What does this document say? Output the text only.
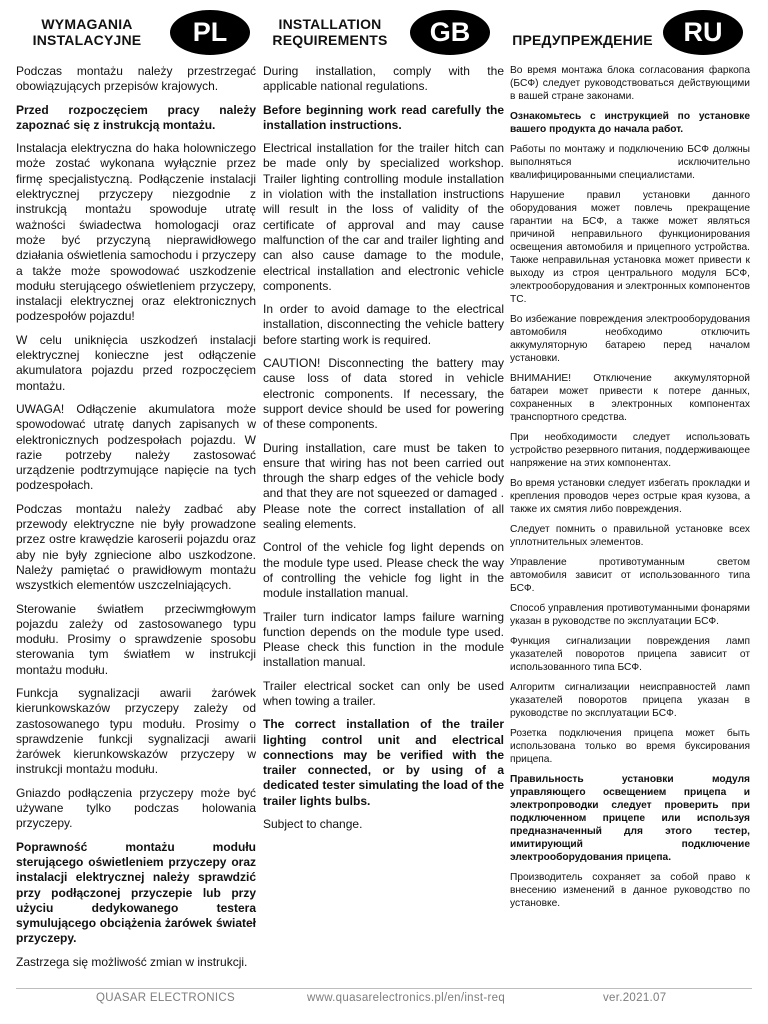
WYMAGANIA INSTALACYJNE	PL

Podczas montażu należy przestrzegać obowiązujących przepisów krajowych.

Przed rozpoczęciem pracy należy zapoznać się z instrukcją montażu.

Instalacja elektryczna do haka holowniczego może zostać wykonana wyłącznie przez firmę specjalistyczną. Podłączenie instalacji elektrycznej przyczepy niezgodnie z instrukcją montażu spowoduje utratę ważności świadectwa homologacji oraz może być przyczyną nieprawidłowego działania oświetlenia samochodu i przyczepy a także może spowodować uszkodzenie modułu sterującego oświetleniem przyczepy, instalacji elektrycznej oraz elektronicznych podzespołów pojazdu!

W celu uniknięcia uszkodzeń instalacji elektrycznej konieczne jest odłączenie akumulatora pojazdu przed rozpoczęciem montażu.

UWAGA! Odłączenie akumulatora może spowodować utratę danych zapisanych w elektronicznych podzespołach pojazdu. W razie potrzeby należy zastosować urządzenie podtrzymujące napięcie na tych podzespołach.

Podczas montażu należy zadbać aby przewody elektryczne nie były prowadzone przez ostre krawędzie karoserii pojazdu oraz aby nie były zgniecione albo uszkodzone. Należy pamiętać o prawidłowym montażu wszystkich elementów uszczelniających.

Sterowanie światłem przeciwmgłowym pojazdu zależy od zastosowanego typu modułu. Prosimy o sprawdzenie sposobu sterowania tym światłem w instrukcji montażu modułu.

Funkcja sygnalizacji awarii żarówek kierunkowskazów przyczepy zależy od zastosowanego typu modułu. Prosimy o sprawdzenie funkcji sygnalizacji awarii żarówek kierunkowskazów przyczepy w instrukcji montażu modułu.

Gniazdo podłączenia przyczepy może być używane tylko podczas holowania przyczepy.

Poprawność montażu modułu sterującego oświetleniem przyczepy oraz instalacji elektrycznej należy sprawdzić przy podłączonej przyczepie lub przy użyciu dedykowanego testera symulującego obciążenia żarówek świateł przyczepy.

Zastrzega się możliwość zmian w instrukcji.

INSTALLATION REQUIREMENTS	GB

During installation, comply with the applicable national regulations.

Before beginning work read carefully the installation instructions.

Electrical installation for the trailer hitch can be made only by specialized workshop. Trailer lighting controlling module installation in violation with the installation instructions will result in the loss of validity of the certificate of approval and may cause malfunction of the car and trailer lighting and can also cause damage to the module, electrical installation and electronic vehicle components.

In order to avoid damage to the electrical installation, disconnecting the vehicle battery before starting work is required.

CAUTION! Disconnecting the battery may cause loss of data stored in vehicle electronic components. If necessary, the support device should be used for powering of these components.

During installation, care must be taken to ensure that wiring has not been carried out through the sharp edges of the vehicle body and that they are not squeezed or damaged . Please note the correct installation of all sealing elements.

Control of the vehicle fog light depends on the module type used. Please check the way of controlling the vehicle fog light in the module installation manual.

Trailer turn indicator lamps failure warning function depends on the module type used. Please check this function in the module installation manual.

Trailer electrical socket can only be used when towing a trailer.

The correct installation of the trailer lighting control unit and electrical connections may be verified with the trailer connected, or by using of a dedicated tester simulating the load of the trailer lights bulbs.

Subject to change.

ПРЕДУПРЕЖДЕНИЕ	RU

Во время монтажа блока согласования фаркопа (БСФ) следует руководствоваться действующими в вашей стране законами.

Ознакомьтесь с инструкцией по установке вашего продукта до начала работ.

Работы по монтажу и подключению БСФ должны выполняться исключительно квалифицированными специалистами.

Нарушение правил установки данного оборудования может повлечь прекращение гарантии на БСФ, а также может являться причиной неправильного функционирования освещения автомобиля и прицепного устройства. Также неправильная установка может привести к выходу из строя центрального модуля БСФ, электрооборудования и электронных компонентов ТС.

Во избежание повреждения электрооборудования автомобиля необходимо отключить аккумуляторную батарею перед началом установки.

ВНИМАНИЕ! Отключение аккумуляторной батареи может привести к потере данных, сохраненных в электронных компонентах транспортного средства.

При необходимости следует использовать устройство резервного питания, поддерживающее напряжение на этих компонентах.

Во время установки следует избегать прокладки и крепления проводов через острые края кузова, а также их смятия либо повреждения.

Следует помнить о правильной установке всех уплотнительных элементов.

Управление противотуманным светом автомобиля зависит от использованного типа БСФ.

Способ управления противотуманными фонарями указан в руководстве по эксплуатации БСФ.

Функция сигнализации повреждения ламп указателей поворотов прицепа зависит от использованного типа БСФ.

Алгоритм сигнализации неисправностей ламп указателей поворотов прицепа указан в руководстве по эксплуатации БСФ.

Розетка подключения прицепа может быть использована только во время буксирования прицепа.

Правильность установки модуля управляющего освещением прицепа и электропроводки следует проверить при подключенном прицепе или используя предназначенный для этого тестер, имитирующий подключение электрооборудования прицепа.

Производитель сохраняет за собой право к внесению изменений в данное руководство по установке.

QUASAR ELECTRONICS	www.quasarelectronics.pl/en/inst-req	ver.2021.07
